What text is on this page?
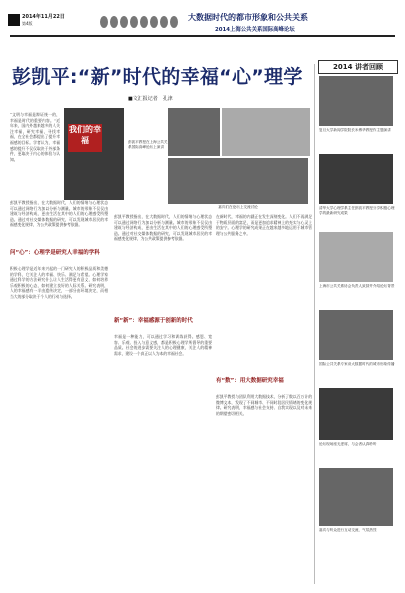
2014年11月22日
第4版
大数据时代的都市形象和公共关系
2014上海公共关系国际高峰论坛
彭凯平:“新”时代的幸福“心”理学
■文汇报记者　孔津
我们的幸福	彭凯平教授在上海公共关系国际高峰论坛上演讲
嘉宾们在论坛上交流讨论
“文明与幸福是辩证统一的，幸福是时代的重要内容。”近年来，国内外越来越多的人关注幸福，研究幸福，寻找幸福，在全社会都提出了提升幸福感的目标。学者认为，幸福感的提升不仅仅取决于外部条件，更取决于内心的体验与认知。
彭凯平教授指出，在大数据时代，人们的情绪与心理状态可以通过网络行为加以分析与测量。城市的形象不仅仅由建筑与经济构成，更由生活在其中的人们的心理感受所塑造。通过对社交媒体数据的研究，可以发现城市居民的幸福感变化规律，为公共政策提供参考依据。
问“心”：心理学是研究人幸福的学科
积极心理学是近年来兴起的一门研究人的积极品质和美德的学科，它关注人的幸福、快乐、满足与希望。心理学家通过科学的方法研究什么让人生活得更有意义，如何培养乐观积极的心态，如何建立良好的人际关系。研究表明，人的幸福感有一半由遗传决定，一部分由环境决定，而相当大的部分取决于个人的行动与选择。
彭凯平教授指出，在大数据时代，人们的情绪与心理状态可以通过网络行为加以分析与测量。城市的形象不仅仅由建筑与经济构成，更由生活在其中的人们的心理感受所塑造。通过对社交媒体数据的研究，可以发现城市居民的幸福感变化规律，为公共政策提供参考依据。
新“新”：幸福感源于创新的时代
幸福是一种能力，可以通过学习和训练获得。感恩、宽容、乐观、投入与意义感，都是积极心理学所倡导的重要品质。社会的进步需要关注人的心理健康，关注人的精神需求，建设一个真正以人为本的幸福社会。
在新时代，幸福的内涵正在发生深刻变化。人们不再满足于物质层面的富足，而是更加追求精神上的充实与心灵上的安宁。心理学的研究成果正在越来越多地运用于城市管理与公共服务之中。
有“数”：用大数据研究幸福
彭凯平教授与团队利用大数据技术，分析了数以百万计的微博文本，发现了不同城市、不同时段居民情绪的变化规律。研究表明，幸福感与社会支持、自我实现以及对未来的期望密切相关。
2014 讲者回顾
复旦大学新闻学院院长米博华教授作主题演讲
清华大学心理学系主任彭凯平教授分享积极心理学的最新研究成果
上海市公共关系协会负责人致辞并介绍论坛背景
国际公共关系专家谈大数据时代的城市形象传播
论坛现场座无虚席，与会者认真聆听
嘉宾与听众进行互动交流，气氛热烈
